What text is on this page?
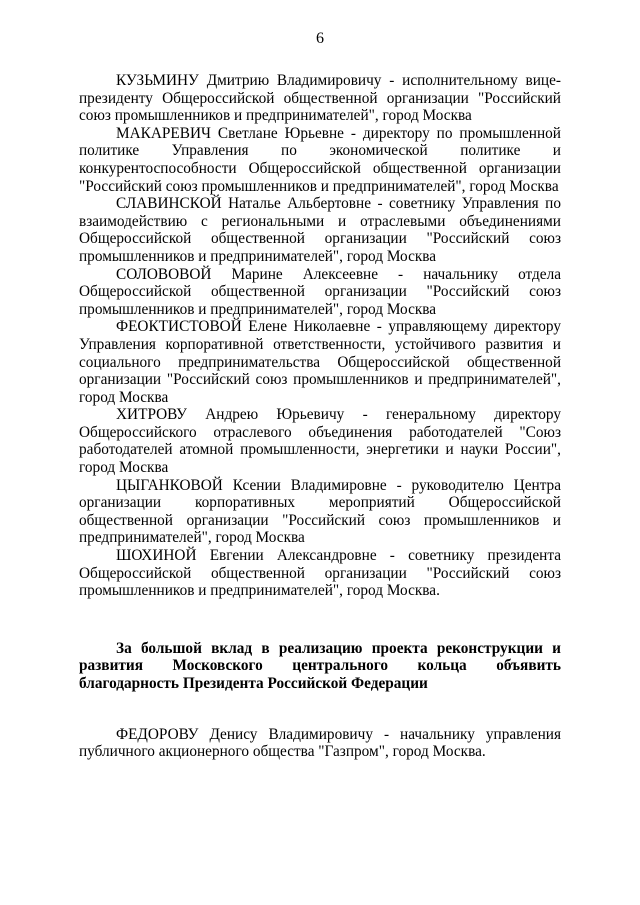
6

КУЗЬМИНУ Дмитрию Владимировичу - исполнительному вице-президенту Общероссийской общественной организации "Российский союз промышленников и предпринимателей", город Москва

МАКАРЕВИЧ Светлане Юрьевне - директору по промышленной политике Управления по экономической политике и конкурентоспособности Общероссийской общественной организации "Российский союз промышленников и предпринимателей", город Москва

СЛАВИНСКОЙ Наталье Альбертовне - советнику Управления по взаимодействию с региональными и отраслевыми объединениями Общероссийской общественной организации "Российский союз промышленников и предпринимателей", город Москва

СОЛОВОВОЙ Марине Алексеевне - начальнику отдела Общероссийской общественной организации "Российский союз промышленников и предпринимателей", город Москва

ФЕОКТИСТОВОЙ Елене Николаевне - управляющему директору Управления корпоративной ответственности, устойчивого развития и социального предпринимательства Общероссийской общественной организации "Российский союз промышленников и предпринимателей", город Москва

ХИТРОВУ Андрею Юрьевичу - генеральному директору Общероссийского отраслевого объединения работодателей "Союз работодателей атомной промышленности, энергетики и науки России", город Москва

ЦЫГАНКОВОЙ Ксении Владимировне - руководителю Центра организации корпоративных мероприятий Общероссийской общественной организации "Российский союз промышленников и предпринимателей", город Москва

ШОХИНОЙ Евгении Александровне - советнику президента Общероссийской общественной организации "Российский союз промышленников и предпринимателей", город Москва.

За большой вклад в реализацию проекта реконструкции и развития Московского центрального кольца объявить благодарность Президента Российской Федерации

ФЕДОРОВУ Денису Владимировичу - начальнику управления публичного акционерного общества "Газпром", город Москва.
